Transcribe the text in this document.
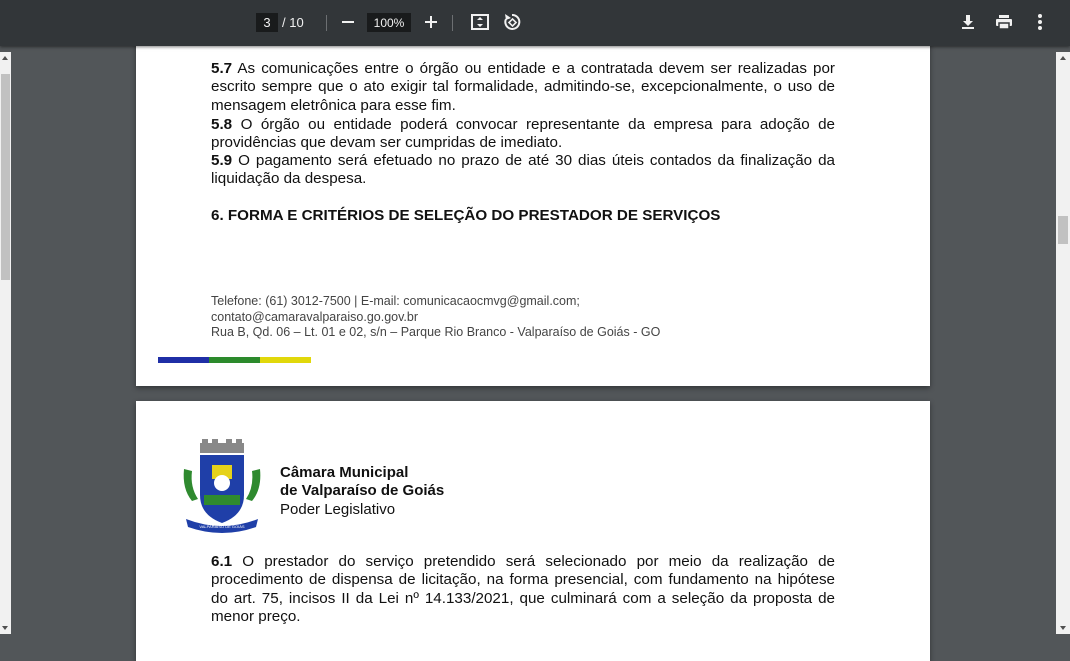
3 / 10	100%
5.7 As comunicações entre o órgão ou entidade e a contratada devem ser realizadas por escrito sempre que o ato exigir tal formalidade, admitindo-se, excepcionalmente, o uso de mensagem eletrônica para esse fim.
5.8 O órgão ou entidade poderá convocar representante da empresa para adoção de providências que devam ser cumpridas de imediato.
5.9 O pagamento será efetuado no prazo de até 30 dias úteis contados da finalização da liquidação da despesa.
6. FORMA E CRITÉRIOS DE SELEÇÃO DO PRESTADOR DE SERVIÇOS
Telefone: (61) 3012-7500 | E-mail: comunicacaocmvg@gmail.com;
contato@camaravalparaiso.go.gov.br
Rua B, Qd. 06 – Lt. 01 e 02, s/n – Parque Rio Branco - Valparaíso de Goiás - GO
VALPARAÍSO DE GOIÁS
Câmara Municipal
de Valparaíso de Goiás
Poder Legislativo
6.1 O prestador do serviço pretendido será selecionado por meio da realização de procedimento de dispensa de licitação, na forma presencial, com fundamento na hipótese do art. 75, incisos II da Lei nº 14.133/2021, que culminará com a seleção da proposta de menor preço.
